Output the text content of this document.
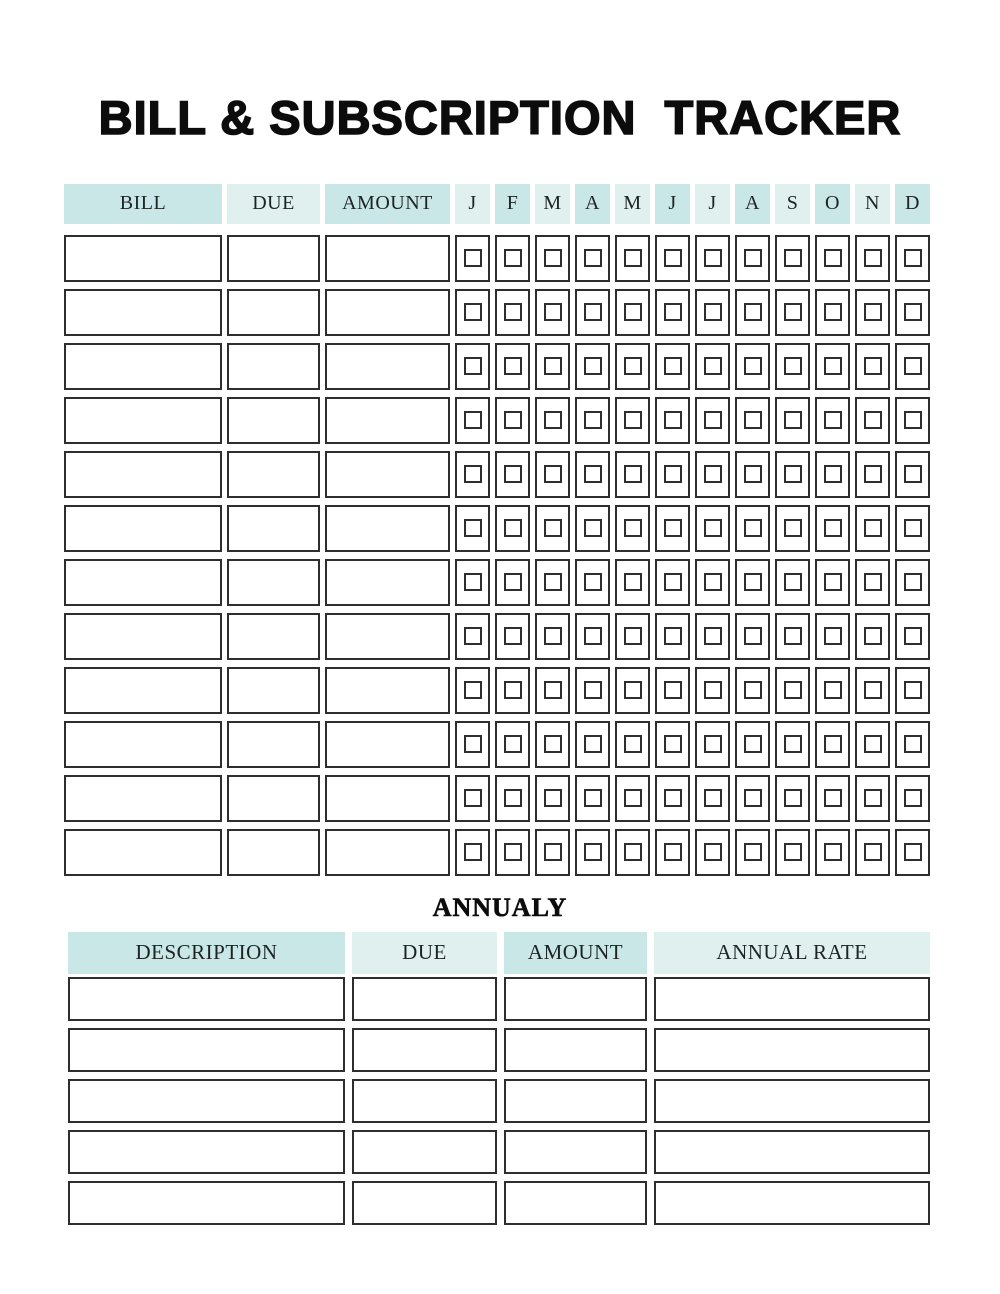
BILL & SUBSCRIPTION  TRACKER
BILL	DUE	AMOUNT	J	F	M	A	M	J	J	A	S	O	N	D
ANNUALY
DESCRIPTION	DUE	AMOUNT	ANNUAL RATE
